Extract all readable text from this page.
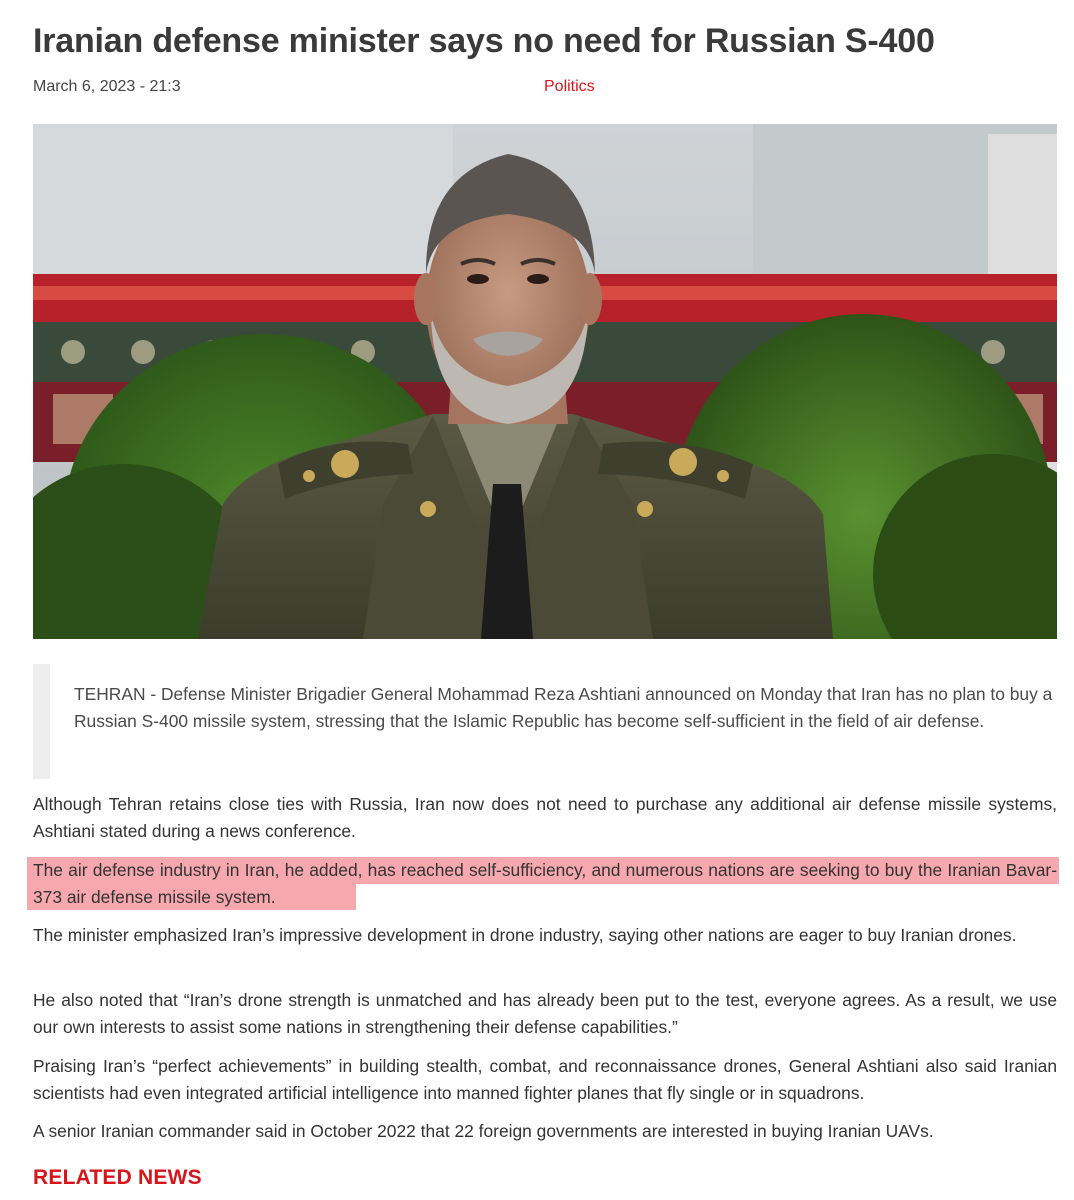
Iranian defense minister says no need for Russian S-400
March 6, 2023 - 21:3	Politics
TEHRAN - Defense Minister Brigadier General Mohammad Reza Ashtiani announced on Monday that Iran has no plan to buy a Russian S-400 missile system, stressing that the Islamic Republic has become self-sufficient in the field of air defense.
Although Tehran retains close ties with Russia, Iran now does not need to purchase any additional air defense missile systems, Ashtiani stated during a news conference.
The air defense industry in Iran, he added, has reached self-sufficiency, and numerous nations are seeking to buy the Iranian Bavar-373 air defense missile system.
The minister emphasized Iran’s impressive development in drone industry, saying other nations are eager to buy Iranian drones.
He also noted that “Iran’s drone strength is unmatched and has already been put to the test, everyone agrees. As a result, we use our own interests to assist some nations in strengthening their defense capabilities.”
Praising Iran’s “perfect achievements” in building stealth, combat, and reconnaissance drones, General Ashtiani also said Iranian scientists had even integrated artificial intelligence into manned fighter planes that fly single or in squadrons.
A senior Iranian commander said in October 2022 that 22 foreign governments are interested in buying Iranian UAVs.
RELATED NEWS
